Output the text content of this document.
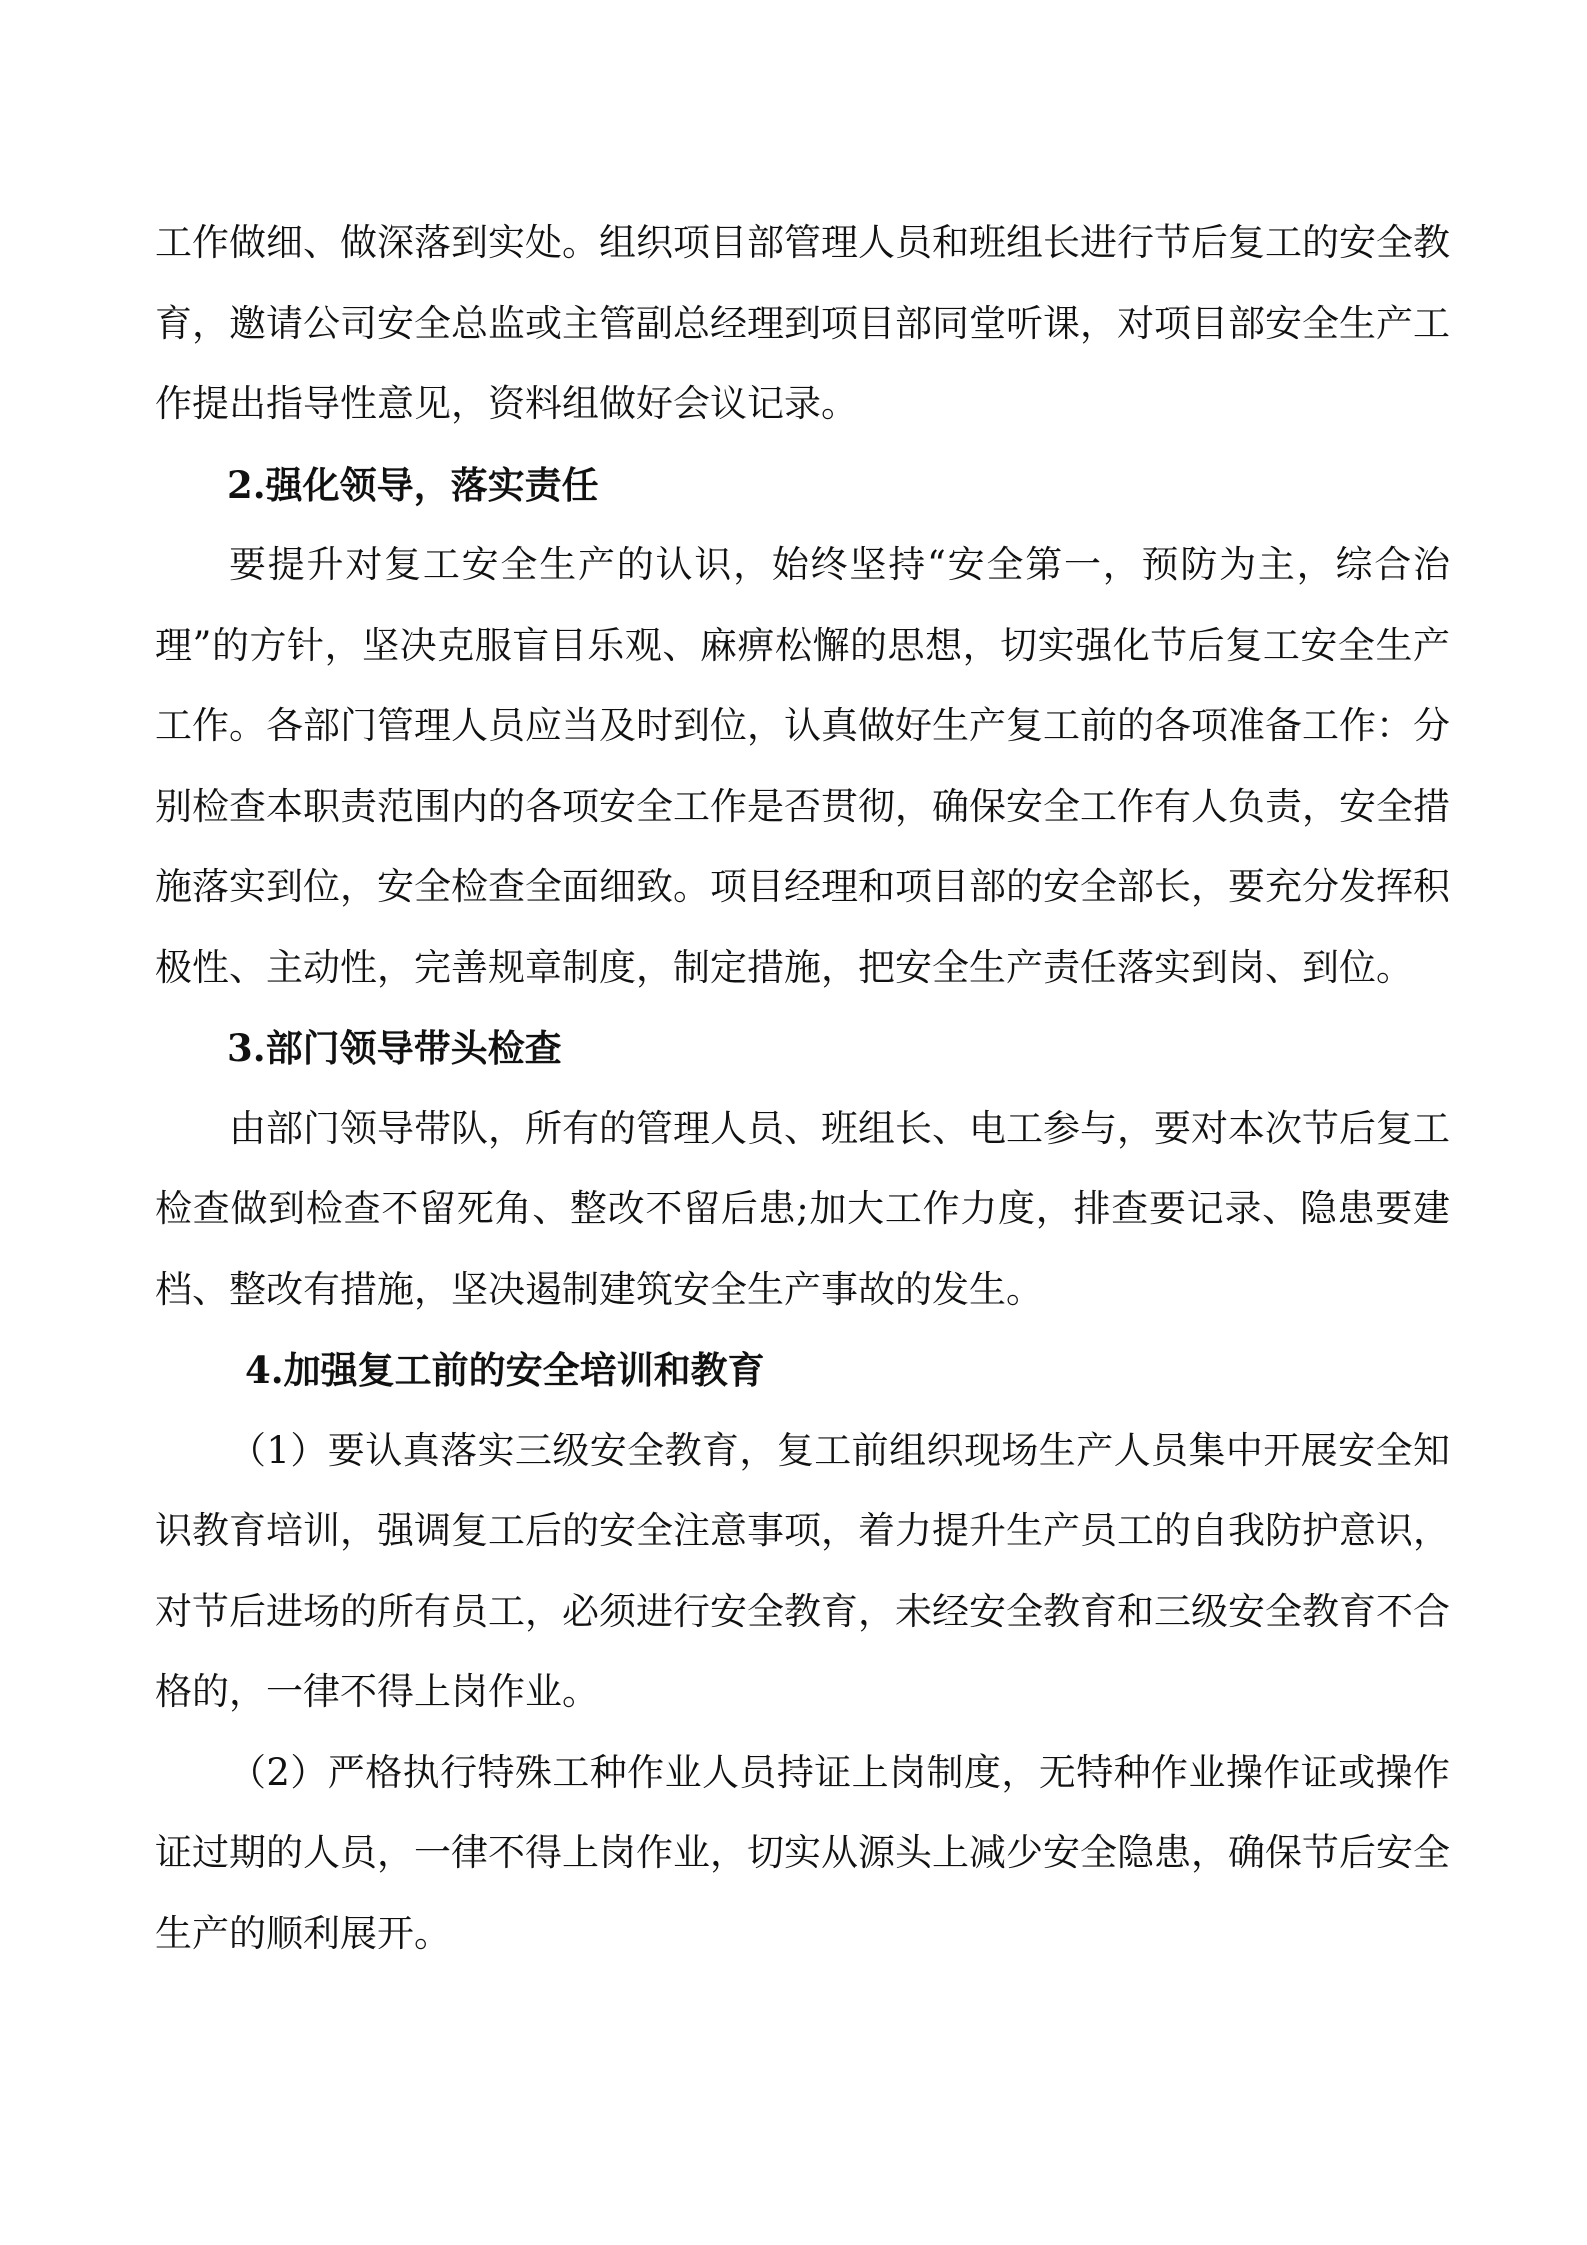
工作做细、做深落到实处。组织项目部管理人员和班组长进行节后复工的安全教育，邀请公司安全总监或主管副总经理到项目部同堂听课，对项目部安全生产工作提出指导性意见，资料组做好会议记录。

2.强化领导，落实责任

要提升对复工安全生产的认识，始终坚持“安全第一，预防为主，综合治理”的方针，坚决克服盲目乐观、麻痹松懈的思想，切实强化节后复工安全生产工作。各部门管理人员应当及时到位，认真做好生产复工前的各项准备工作：分别检查本职责范围内的各项安全工作是否贯彻，确保安全工作有人负责，安全措施落实到位，安全检查全面细致。项目经理和项目部的安全部长，要充分发挥积极性、主动性，完善规章制度，制定措施，把安全生产责任落实到岗、到位。

3.部门领导带头检查

由部门领导带队，所有的管理人员、班组长、电工参与，要对本次节后复工检查做到检查不留死角、整改不留后患;加大工作力度，排查要记录、隐患要建档、整改有措施，坚决遏制建筑安全生产事故的发生。

4.加强复工前的安全培训和教育

（1）要认真落实三级安全教育，复工前组织现场生产人员集中开展安全知识教育培训，强调复工后的安全注意事项，着力提升生产员工的自我防护意识，对节后进场的所有员工，必须进行安全教育，未经安全教育和三级安全教育不合格的，一律不得上岗作业。

（2）严格执行特殊工种作业人员持证上岗制度，无特种作业操作证或操作证过期的人员，一律不得上岗作业，切实从源头上减少安全隐患，确保节后安全生产的顺利展开。
